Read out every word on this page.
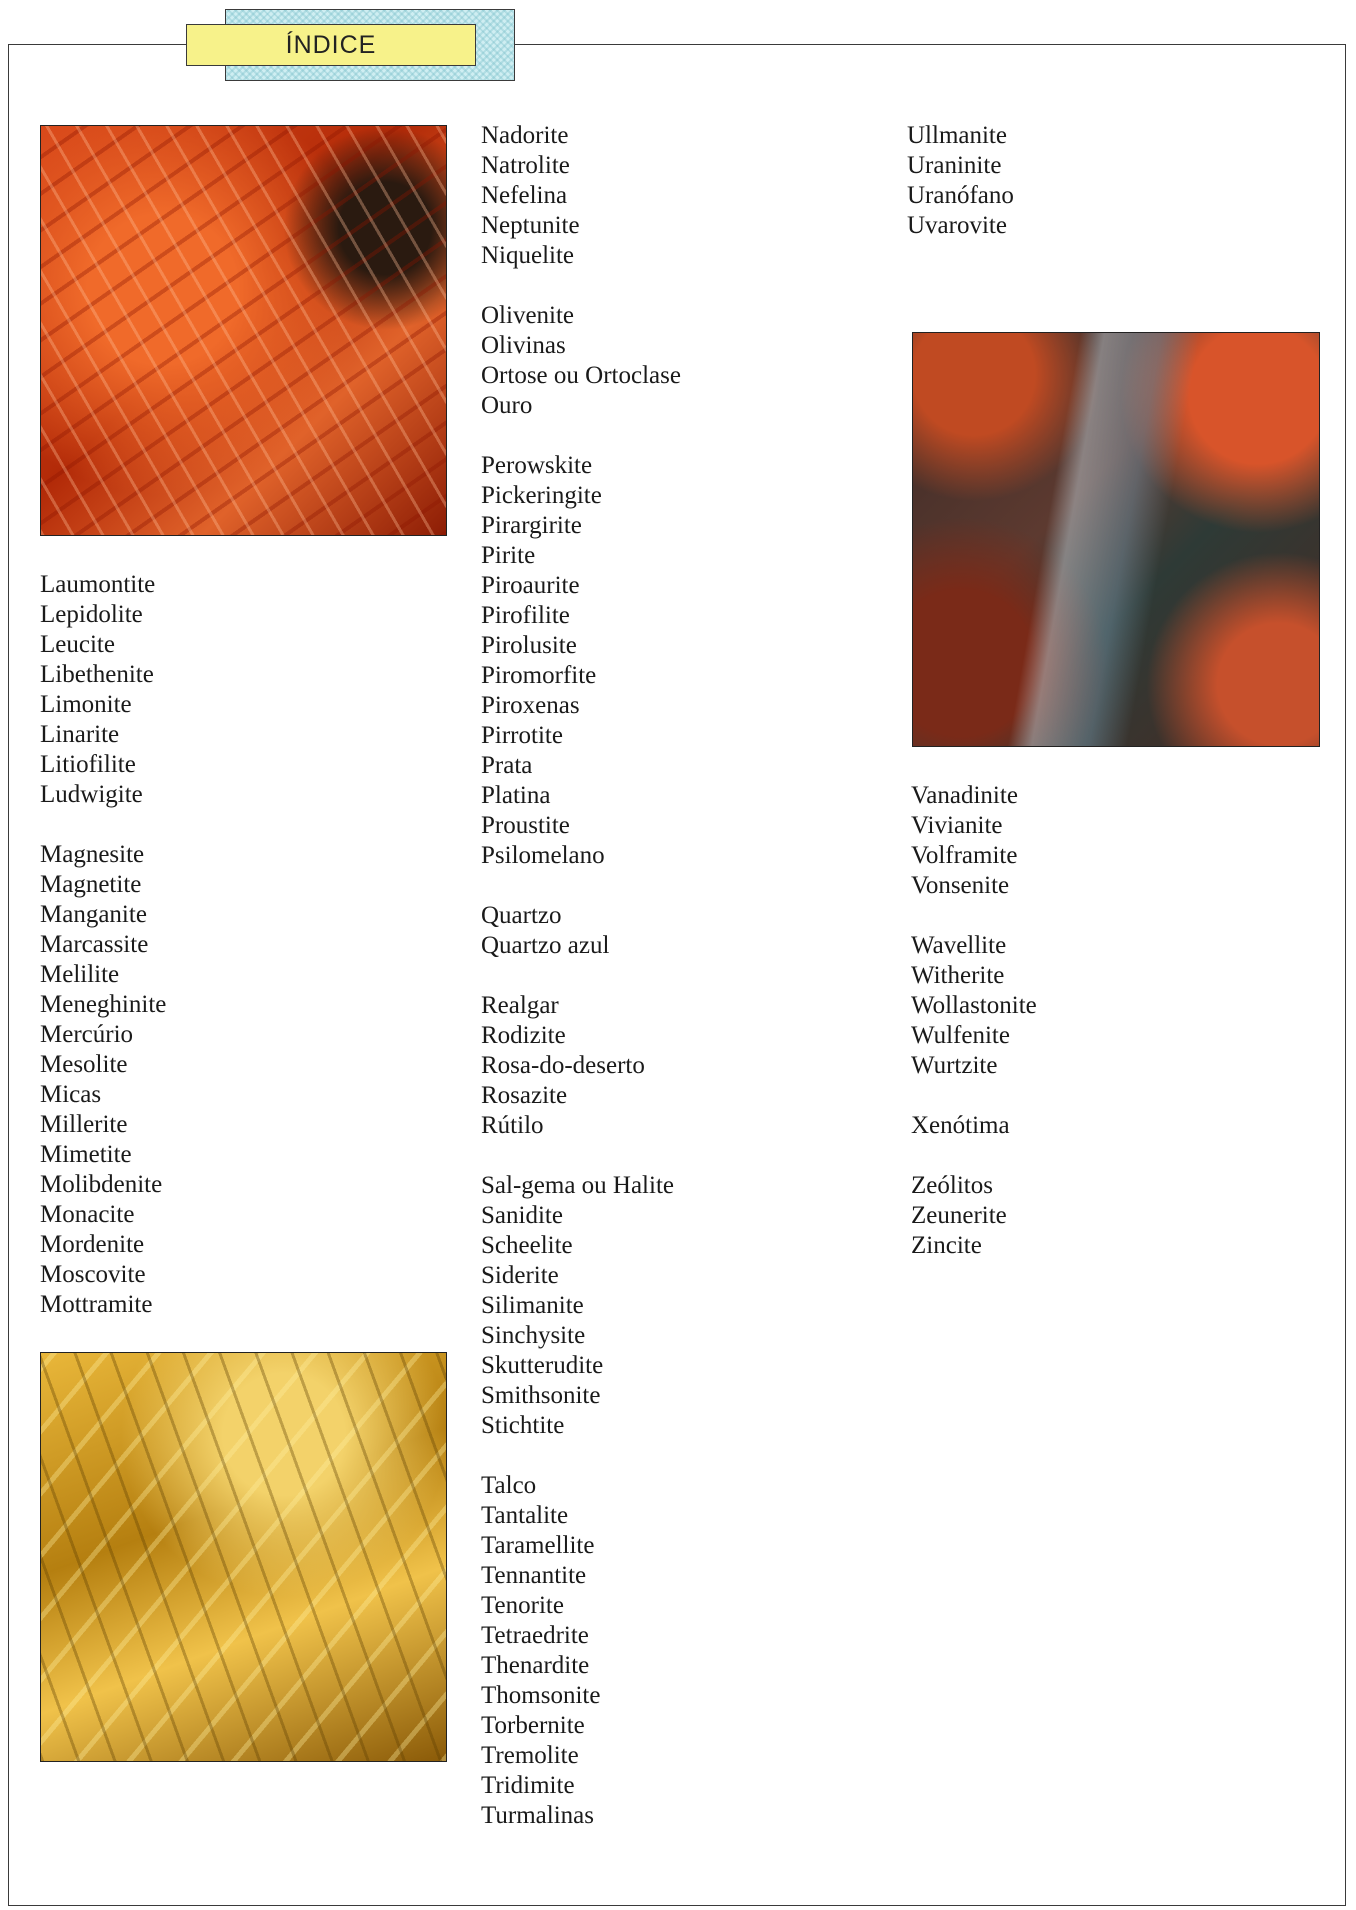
ÍNDICE
Laumontite
Lepidolite
Leucite
Libethenite
Limonite
Linarite
Litiofilite
Ludwigite
Magnesite
Magnetite
Manganite
Marcassite
Melilite
Meneghinite
Mercúrio
Mesolite
Micas
Millerite
Mimetite
Molibdenite
Monacite
Mordenite
Moscovite
Mottramite
Nadorite
Natrolite
Nefelina
Neptunite
Niquelite
Olivenite
Olivinas
Ortose ou Ortoclase
Ouro
Perowskite
Pickeringite
Pirargirite
Pirite
Piroaurite
Pirofilite
Pirolusite
Piromorfite
Piroxenas
Pirrotite
Prata
Platina
Proustite
Psilomelano
Quartzo
Quartzo azul
Realgar
Rodizite
Rosa-do-deserto
Rosazite
Rútilo
Sal-gema ou Halite
Sanidite
Scheelite
Siderite
Silimanite
Sinchysite
Skutterudite
Smithsonite
Stichtite
Talco
Tantalite
Taramellite
Tennantite
Tenorite
Tetraedrite
Thenardite
Thomsonite
Torbernite
Tremolite
Tridimite
Turmalinas
Ullmanite
Uraninite
Uranófano
Uvarovite
Vanadinite
Vivianite
Volframite
Vonsenite
Wavellite
Witherite
Wollastonite
Wulfenite
Wurtzite
Xenótima
Zeólitos
Zeunerite
Zincite
